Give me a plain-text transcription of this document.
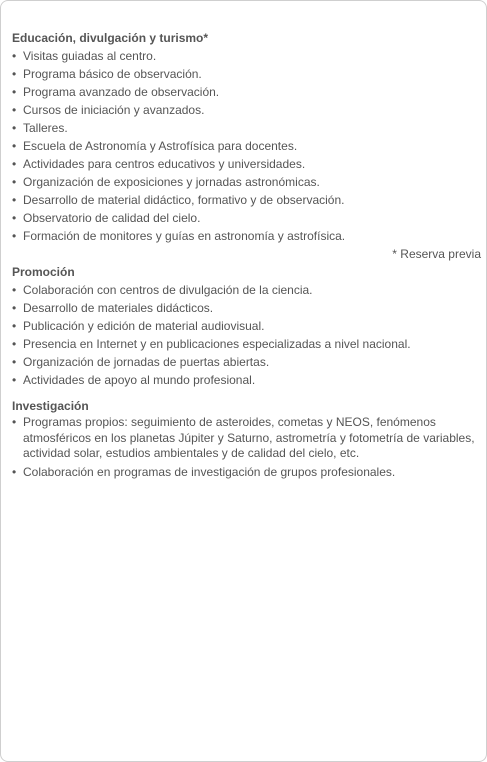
Educación, divulgación y turismo*
• Visitas guiadas al centro.
• Programa básico de observación.
• Programa avanzado de observación.
• Cursos de iniciación y avanzados.
• Talleres.
• Escuela de Astronomía y Astrofísica para docentes.
• Actividades para centros educativos y universidades.
• Organización de exposiciones y jornadas astronómicas.
• Desarrollo de material didáctico, formativo y de observación.
• Observatorio de calidad del cielo.
• Formación de monitores y guías en astronomía y astrofísica.
* Reserva previa
Promoción
• Colaboración con centros de divulgación de la ciencia.
• Desarrollo de materiales didácticos.
• Publicación y edición de material audiovisual.
• Presencia en Internet y en publicaciones especializadas a nivel nacional.
• Organización de jornadas de puertas abiertas.
• Actividades de apoyo al mundo profesional.
Investigación
• Programas propios: seguimiento de asteroides, cometas y NEOS, fenómenos atmosféricos en los planetas Júpiter y Saturno, astrometría y fotometría de variables, actividad solar, estudios ambientales y de calidad del cielo, etc.
• Colaboración en programas de investigación de grupos profesionales.
